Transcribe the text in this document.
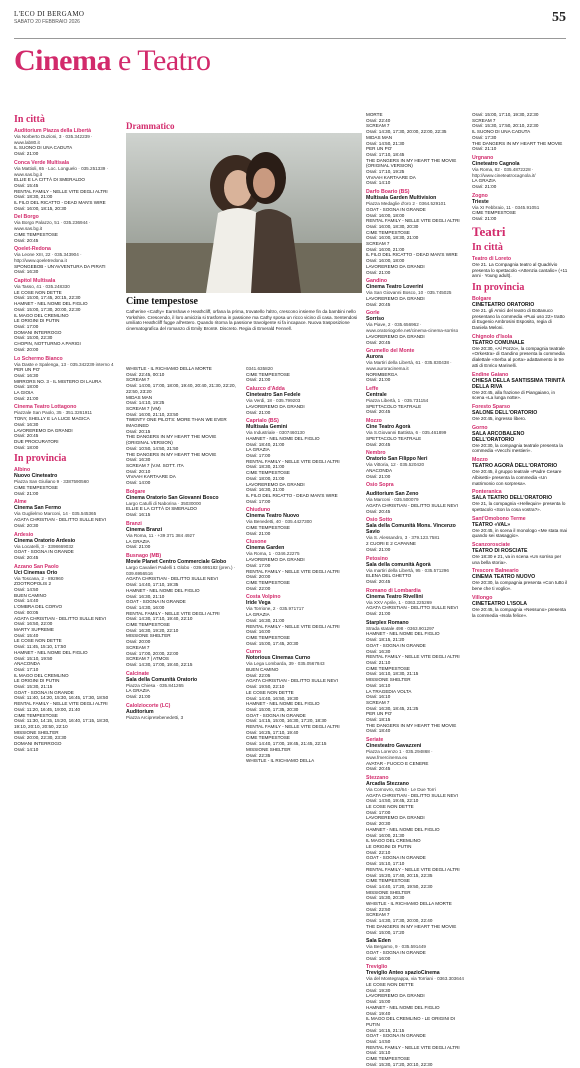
L'ECO DI BERGAMO
SABATO 20 FEBBRAIO 2026	55
Cinema e Teatro
In città
Auditorium Piazza della Libertà
Via Norberto Duzioni, 3 · 035.342239 · www.lab80.it
IL SUONO DI UNA CADUTA
Orari: 21:00
Conca Verde Multisala
Via Mattioli, 65 · Loc. Longuelo · 035.251339 · www.sas.bg.it
ELLIE E LA CITTÀ DI SMERALDO
Orari: 15:45
RENTAL FAMILY - NELLE VITE DEGLI ALTRI
Orari: 18:30, 21:00
IL FILO DEL RICATTO - DEAD MAN'S WIRE
Orari: 16:00, 18:15, 20:30
Del Borgo
Via Borgo Palazzo, 51 · 035.236944 · www.sas.bg.it
CIME TEMPESTOSE
Orari: 20:45
Qoelet-Redona
Via Leone XIII, 22 · 035.343904 · http://www.qoeletredona.it
SPONGEBOB - UN'AVVENTURA DA PIRATI
Orari: 16:30
Capitol Multisala
Via Tasso, 41 · 035.248330
LE COSE NON DETTE
Orari: 15:00, 17:45, 20:15, 22:30
HAMNET - NEL NOME DEL FIGLIO
Orari: 15:00, 17:30, 20:00, 22:30
IL MAGO DEL CREMLINO
LE ORIGINI DI PUTIN
Orari: 17:00
DOMANI INTERROGO
Orari: 15:00, 22:30
CHOPIN, NOTTURNO A PARIGI
Orari: 20:00
Lo Schermo Bianco
Via Daste e Spalenga, 13 · 035.342239 interno 4
PER UN PO'
Orari: 16:30
MIRRORS NO. 3 - IL MISTERO DI LAURA
Orari: 18:00
LA GIOIA
Orari: 21:00
Cinema Teatro Lottagono
Piazzale San Paolo, 35 · 351.3261911
TONY, SHELLY E LA LUCE MAGICA
Orari: 16:30
LAVOREREMO DA GRANDI
Orari: 20:45
DUE PROCURATORI
Orari: 18:00
In provincia
Albino
Nuovo Cineteatro
Piazza San Giuliano 9 · 3387590560
CIME TEMPESTOSE
Orari: 21:00
Alme
Cinema San Fermo
Via Guglielmo Marconi, 14 · 035.545365
AGATA CHRISTIAN - DELITTO SULLE NEVI
Orari: 20:30
Ardesio
Cinema Oratorio Ardesio
Via Locatelli, 3 · 3398669032
GOAT - SOGNA IN GRANDE
Orari: 20:45
Azzano San Paolo
Uci Cinemas Orio
Via Toscana, 2 · 892960
ZOOTROPOLIS 2
Orari: 14:50
BUEN CAMINO
Orari: 14:40
L'OMBRA DEL CORVO
Orari: 00:05
AGATA CHRISTIAN - DELITTO SULLE NEVI
Orari: 16:50, 22:00
MARTY SUPREME
Orari: 15:40
LE COSE NON DETTE
Orari: 11:45, 15:10, 17:50
HAMNET - NEL NOME DEL FIGLIO
Orari: 15:10, 19:50
ANACONDA
Orari: 17:10
IL MAGO DEL CREMLINO
LE ORIGINI DI PUTIN
Orari: 15:30, 21:15
GOAT - SOGNA IN GRANDE
Orari: 11:40, 14:20, 15:30, 16:45, 17:30, 18:50
RENTAL FAMILY - NELLE VITE DEGLI ALTRI
Orari: 11:20, 16:45, 19:00, 21:40
CIME TEMPESTOSE
Orari: 11:30, 14:15, 15:20, 16:40, 17:15, 18:30, 19:10, 20:10, 20:50, 22:10
MISSIONE SHELTER
Orari: 20:00, 22:30, 23:30
DOMANI INTERROGO
Orari: 14:10
Drammatico
Cime tempestose
Catherine «Cathy» Earnshaw e Heathcliff, orfana la prima, trovatello l'altro, crescono insieme fin da bambini nello Yorkshire. Crescendo, il loro amicizia si trasforma in passione ma Cathy sposa un ricco vicino di casa. Sentendosi umiliato Heathcliff fugge all'estero. Quando ritorna la passione travolgente si fa incapace. Nuova trasposizione cinematografica del romanzo di Emily Brontë. Discreto. Regia di Emerald Fennell.
WHISTLE - IL RICHIAMO DELLA MORTE
Orari: 22:45, 00:10
SCREAM 7
Orari: 14:00, 17:00, 18:00, 19:40, 20:40, 21:30, 22:20, 22:50, 23:20
MIDAS MAN
Orari: 14:10, 19:25
SCREAM 7 (VM)
Orari: 16:00, 21:10, 23:50
TWENTY ONE PILOTS: MORE THAN WE EVER IMAGINED
Orari: 20:15
THE DANGERS IN MY HEART THE MOVIE (ORIGINAL VERSION)
Orari: 10:50, 14:50, 21:50
THE DANGERS IN MY HEART THE MOVIE
Orari: 16:30
SCREAM 7 (V.M. SOTT. ITA
Orari: 20:10
VIVAAH KARTAARE DA
Orari: 14:00
Bolgare
Cinema Oratorio San Giovanni Bosco
Largo Catulli di Naborina · 35030000
ELLIE E LA CITTÀ DI SMERALDO
Orari: 16:15
Branzi
Cinema Branzi
Via Roma, 11 · +39 371 384 4927
LA GRAZIA
Orari: 21:00
Busnago (MB)
Movie Planet Centro Commerciale Globo
Largo Cavalieri Padelli 1 Globo · 039.695182 (pren.) · 039.6956516
AGATA CHRISTIAN - DELITTO SULLE NEVI
Orari: 14:40, 17:10, 19:35
HAMNET - NEL NOME DEL FIGLIO
Orari: 16:30, 21:10
GOAT - SOGNA IN GRANDE
Orari: 14:30, 16:00
RENTAL FAMILY - NELLE VITE DEGLI ALTRI
Orari: 14:30, 17:10, 19:40, 22:10
CIME TEMPESTOSE
Orari: 16:30, 19:20, 22:10
MISSIONE SHELTER
Orari: 20:00
SCREAM 7
Orari: 17:00, 20:00, 22:00
SCREAM 7 | ATMOS
Orari: 14:30, 17:00, 19:40, 22:15
Calcinate
Sala della Comunità Oratorio
Piazza Chiesa · 035.841265
LA GRAZIA
Orari: 21:00
Calolziocorte (LC)
Auditorium
Piazza Arcipretebenedetti, 3
0341.635820
CIME TEMPESTOSE
Orari: 21:00
Caluzco d'Adda
Cineteatro San Fedele
Via Verdi, 18 · 035.799203
LAVOREREMO DA GRANDI
Orari: 21:00
Caprialo (BS)
Multisala Gemini
Via Industriale · 0307460130
HAMNET - NEL NOME DEL FIGLIO
Orari: 18:40, 21:00
LA GRAZIA
Orari: 17:00
RENTAL FAMILY - NELLE VITE DEGLI ALTRI
Orari: 18:30, 21:00
CIME TEMPESTOSE
Orari: 18:00, 21:00
LAVOREREMO DA GRANDI
Orari: 16:30, 21:00
IL FILO DEL RICATTO - DEAD MAN'S WIRE
Orari: 17:00
Chiuduno
Cinema Teatro Nuovo
Via Benedetti, 40 · 035.4427300
CIME TEMPESTOSE
Orari: 21:00
Clusone
Cinema Garden
Via Roma, 1 · 0346.22275
LAVOREREMO DA GRANDI
Orari: 17:00
RENTAL FAMILY - NELLE VITE DEGLI ALTRI
Orari: 20:00
CIME TEMPESTOSE
Orari: 22:00
Costa Volpino
Iride Vega
Via Torrione, 2 · 035.971717
LA GRAZIA
Orari: 16:30, 21:00
RENTAL FAMILY - NELLE VITE DEGLI ALTRI
Orari: 16:00
CIME TEMPESTOSE
Orari: 15:00, 17:45, 20:30
Curno
Notorious Cinemas Curno
Via Lega Lombarda, 39 · 035.0567843
BUEN CAMINO
Orari: 22:05
AGATA CHRISTIAN - DELITTO SULLE NEVI
Orari: 19:50, 22:10
LE COSE NON DETTE
Orari: 14:40, 16:50, 19:30
HAMNET - NEL NOME DEL FIGLIO
Orari: 15:00, 17:35, 20:30
GOAT - SOGNA IN GRANDE
Orari: 14:15, 15:00, 16:30, 17:20, 18:30
RENTAL FAMILY - NELLE VITE DEGLI ALTRI
Orari: 16:25, 17:10, 19:40
CIME TEMPESTOSE
Orari: 14:40, 17:00, 19:45, 21:45, 22:15
MISSIONE SHELTER
Orari: 22:35
WHISTLE - IL RICHIAMO DELLA
MORTE
Orari: 22:40
SCREAM 7
Orari: 14:30, 17:30, 20:00, 22:00, 22:35
MIDAS MAN
Orari: 14:50, 21:30
PER UN PO'
Orari: 17:10, 18:45
THE DANGERS IN MY HEART THE MOVIE (ORIGINAL VERSION)
Orari: 17:10, 19:25
VIVAAH KARTAARE DA
Orari: 14:10
Darfo Boario (BS)
Multisala Garden Multivision
Piazza Medaglie d'oro 2 · 0364.529101
GOAT - SOGNA IN GRANDE
Orari: 16:00, 18:00
RENTAL FAMILY - NELLE VITE DEGLI ALTRI
Orari: 16:00, 18:30, 20:30
CIME TEMPESTOSE
Orari: 16:00, 18:30, 21:00
SCREAM 7
Orari: 16:00, 21:00
IL FILO DEL RICATTO - DEAD MAN'S WIRE
Orari: 16:00, 18:00
LAVOREREMO DA GRANDI
Orari: 21:00
Gandino
Cinema Teatro Loverini
Via San Giovanni Bosco, 10 · 035.745025
LAVOREREMO DA GRANDI
Orari: 20:45
Gorle
Sorriso
Via Piave, 2 · 035.656962 · www.oratoriogorle.net/cinema-cinema-sorriso
LAVOREREMO DA GRANDI
Orari: 20:45
Grumello del Monte
Aurora
Via Martiri della Libertà, 61 · 035.830438 · www.auroracinema.it
NORIMBERGA
Orari: 21:00
Leffe
Centrale
Piazza Libertà, 1 · 035.731154
SPETTACOLO TEATRALE
Orari: 20:45
Mozzo
Cine Teatro Agorà
Via S.Giovanni Battista, 6 · 035.461899
SPETTACOLO TEATRALE
Orari: 20:45
Nembro
Oratorio San Filippo Neri
Via Vittoria, 12 · 035.520420
ANACONDA
Orari: 21:00
Osio Sopra
Auditorium San Zeno
Via Marconi · 035.500079
AGATA CHRISTIAN - DELITTO SULLE NEVI
Orari: 20:45
Osio Sotto
Sala della Comunità Mons. Vincenzo Savio
Via S. Alessandro, 3 · 379.123.7581
2 CUORI E 2 CAPANNE
Orari: 21:00
Petosino
Sala della comunità Agorà
Via martiri della Libertà, 95 · 035.571296
ELENA DEL GHETTO
Orari: 20:45
Romano di Lombardia
Cinema Teatro Rivellini
Via XXV Aprile, 1 · 0363.225269
AGATA CHRISTIAN - DELITTO SULLE NEVI
Orari: 21:00
Starplex Romano
Strada statale 498 · 0363.901297
HAMNET - NEL NOME DEL FIGLIO
Orari: 18:15, 21:20
GOAT - SOGNA IN GRANDE
Orari: 16:30
RENTAL FAMILY - NELLE VITE DEGLI ALTRI
Orari: 21:10
CIME TEMPESTOSE
Orari: 16:10, 18:30, 21:15
MISSIONE SHELTER
Orari: 16:10
LA TRAGEDIA VOLTA
Orari: 16:10
SCREAM 7
Orari: 16:30, 18:45, 21:25
PER UN PO'
Orari: 18:15
THE DANGERS IN MY HEART THE MOVIE
Orari: 18:40
Seriate
Cinesteatro Gavazzeni
Piazza Lorenzo 1 · 035.294868 · www.fmercinema.eu
AVATAR - FUOCO E CENERE
Orari: 20:45
Stezzano
Arcadia Stezzano
Via Cornovro, 62/64 · Le Due Torri
AGATA CHRISTIAN - DELITTO SULLE NEVI
Orari: 14:50, 19:45, 22:10
LE COSE NON DETTE
Orari: 17:00
LAVOREREMO DA GRANDI
Orari: 20:30
HAMNET - NEL NOME DEL FIGLIO
Orari: 16:00, 21:30
IL MAGO DEL CREMLINO
LE ORIGINI DI PUTIN
Orari: 22:10
GOAT - SOGNA IN GRANDE
Orari: 15:10, 17:10
RENTAL FAMILY - NELLE VITE DEGLI ALTRI
Orari: 15:20, 17:40, 20:15, 22:35
CIME TEMPESTOSE
Orari: 14:40, 17:20, 19:50, 22:30
MISSIONE SHELTER
Orari: 15:30, 20:30
WHISTLE - IL RICHIAMO DELLA MORTE
Orari: 22:50
SCREAM 7
Orari: 14:30, 17:30, 20:00, 22:40
THE DANGERS IN MY HEART THE MOVIE
Orari: 15:00, 17:20
Sala Eden
Via Bergamo, 9 · 035.591449
GOAT - SOGNA IN GRANDE
Orari: 16:00
Treviglio
Treviglio Anteo spazioCinema
Via del Montegrappa, via Torriani · 0363.303644
LE COSE NON DETTE
Orari: 19:30
LAVOREREMO DA GRANDI
Orari: 15:00
HAMNET - NEL NOME DEL FIGLIO
Orari: 19:40
IL MAGO DEL CREMLINO - LE ORIGINI DI PUTIN
Orari: 16:15, 21:15
GOAT - SOGNA IN GRANDE
Orari: 14:50
RENTAL FAMILY - NELLE VITE DEGLI ALTRI
Orari: 15:10
CIME TEMPESTOSE
Orari: 15:30, 17:20, 20:10, 22:30
Orari: 15:00, 17:10, 19:30, 22:30
SCREAM 7
Orari: 15:30, 17:50, 20:10, 22:30
IL SUONO DI UNA CADUTA
Orari: 17:30
THE DANGERS IN MY HEART THE MOVIE
Orari: 21:10
Urgnano
Cineteatro Cagnola
Via Roma, 82 · 035.4872228 · http://www.cineteatrocagnola.it/
LA GRAZIA
Orari: 21:00
Zogno
Trieste
Via XI Febbraio, 11 · 0345.91051
CIME TEMPESTOSE
Orari: 21:00
Teatri
In città
Teatro di Loreto
Ore 21. La Compagnia teatro al Quadrivio presenta lo spettacolo «Attenzia cantalio» (+11 anni · Young adult).
In provincia
Bolgare
CINETEATRO ORATORIO
Ore 21. gli Amici del teatro di Bottanuco presentano la commedia «Puoi uso 22» tratto di Eugenio Ambrosini Esposito, regia di Daniela Meloni.
Chignolo d'Isola
TEATRO COMUNALE
Ore 20:30, «Al Pozzo», la compagnia teatrale «Orkestra» di Gandino presenta la commedia dialettale «Serba al porta» adattamento in tre atti di Enrico Marinelli.
Endine Gaiano
CHIESA DELLA SANTISSIMA TRINITÀ DELLA RIVA
Ore 20:45, alla frazione di Piangaiano, in scena «La lunga notte».
Foresto Sparso
SALONE DELL'ORATORIO
Ore 20:45, ingresso libero.
Gorno
SALA ARCOBALENO DELL'ORATORIO
Ore 20:30, la compagnia teatrale presenta la commedia «Vecchi mestieri».
Mozzo
TEATRO AGORÀ DELL'ORATORIO
Ore 20:45, il gruppo teatrale «Padre Cesare Albisetti» presenta la commedia «Un matrimonio con sorpresa».
Ponteranica
SALA TEATRO DELL'ORATORIO
Ore 21, la compagnia «Hellequin» presenta lo spettacolo «Son la cosa vostra?».
Sant'Omobono Terme
TEATRO «VAL»
Ore 20:45, in scena il monologo «Me stata mai quando sei stasaggio».
Scanzorosciate
TEATRO DI ROSCIATE
Ore 18:30 e 21, va in scena «Un sorriso per una bella storia».
Trescore Balneario
CINEMA TEATRO NUOVO
Ore 20:30, la compagnia presenta «Con tutto il bene che ti voglio».
Villongo
CINETEATRO L'ISOLA
Ore 20:45, la compagnia «Nessuno» presenta la commedia «Isola felice».
